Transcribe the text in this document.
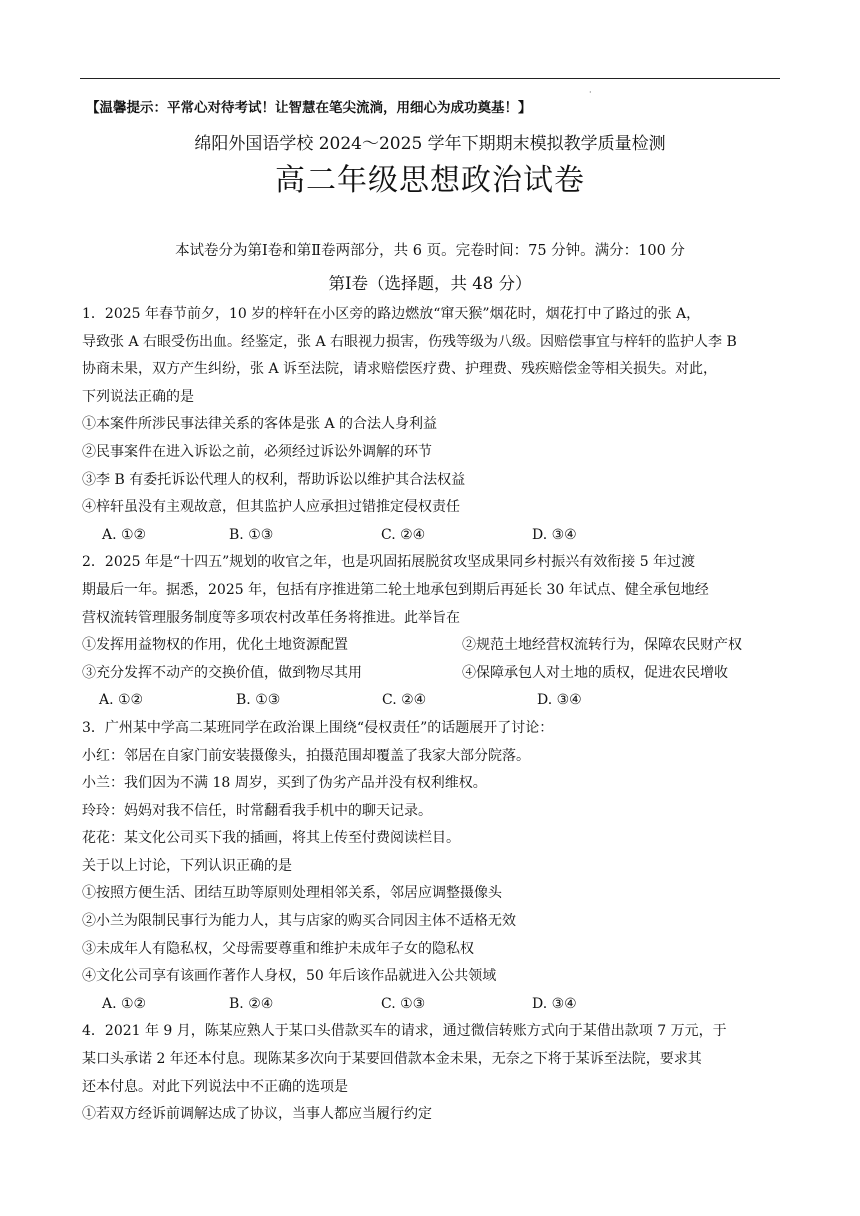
·
【温馨提示：平常心对待考试！让智慧在笔尖流淌，用细心为成功奠基！】
绵阳外国语学校 2024～2025 学年下期期末模拟教学质量检测
高二年级思想政治试卷
本试卷分为第Ⅰ卷和第Ⅱ卷两部分，共 6 页。完卷时间：75 分钟。满分：100 分
第Ⅰ卷（选择题，共 48 分）
1．2025 年春节前夕，10 岁的梓轩在小区旁的路边燃放“窜天猴”烟花时，烟花打中了路过的张 A，
导致张 A 右眼受伤出血。经鉴定，张 A 右眼视力损害，伤残等级为八级。因赔偿事宜与梓轩的监护人李 B
协商未果，双方产生纠纷，张 A 诉至法院，请求赔偿医疗费、护理费、残疾赔偿金等相关损失。对此，
下列说法正确的是
①本案件所涉民事法律关系的客体是张 A 的合法人身利益
②民事案件在进入诉讼之前，必须经过诉讼外调解的环节
③李 B 有委托诉讼代理人的权利，帮助诉讼以维护其合法权益
④梓轩虽没有主观故意，但其监护人应承担过错推定侵权责任
A. ①②	B. ①③	C. ②④	D. ③④
2．2025 年是“十四五”规划的收官之年，也是巩固拓展脱贫攻坚成果同乡村振兴有效衔接 5 年过渡
期最后一年。据悉，2025 年，包括有序推进第二轮土地承包到期后再延长 30 年试点、健全承包地经
营权流转管理服务制度等多项农村改革任务将推进。此举旨在
①发挥用益物权的作用，优化土地资源配置	②规范土地经营权流转行为，保障农民财产权
③充分发挥不动产的交换价值，做到物尽其用	④保障承包人对土地的质权，促进农民增收
A. ①②	B. ①③	C. ②④	D. ③④
3．广州某中学高二某班同学在政治课上围绕“侵权责任”的话题展开了讨论：
小红：邻居在自家门前安装摄像头，拍摄范围却覆盖了我家大部分院落。
小兰：我们因为不满 18 周岁，买到了伪劣产品并没有权利维权。
玲玲：妈妈对我不信任，时常翻看我手机中的聊天记录。
花花：某文化公司买下我的插画，将其上传至付费阅读栏目。
关于以上讨论，下列认识正确的是
①按照方便生活、团结互助等原则处理相邻关系，邻居应调整摄像头
②小兰为限制民事行为能力人，其与店家的购买合同因主体不适格无效
③未成年人有隐私权，父母需要尊重和维护未成年子女的隐私权
④文化公司享有该画作著作人身权，50 年后该作品就进入公共领域
A. ①②	B. ②④	C. ①③	D. ③④
4．2021 年 9 月，陈某应熟人于某口头借款买车的请求，通过微信转账方式向于某借出款项 7 万元，于
某口头承诺 2 年还本付息。现陈某多次向于某要回借款本金未果，无奈之下将于某诉至法院，要求其
还本付息。对此下列说法中不正确的选项是
①若双方经诉前调解达成了协议，当事人都应当履行约定
